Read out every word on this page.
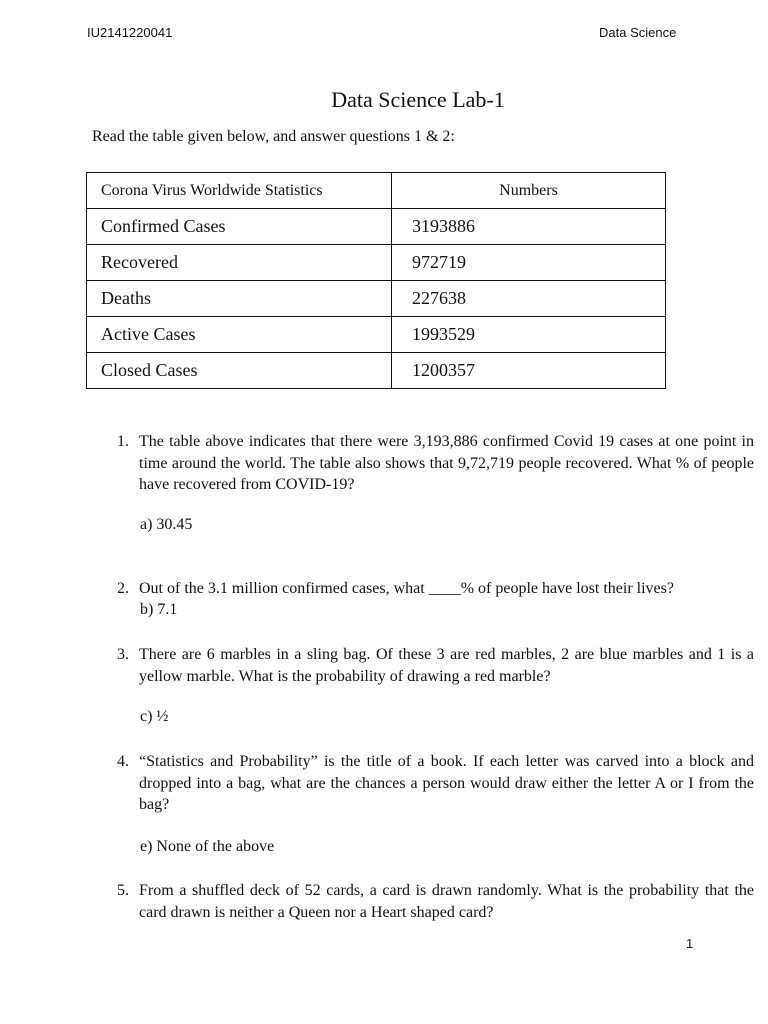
IU2141220041	Data Science
Data Science Lab-1
Read the table given below, and answer questions 1 & 2:
Corona Virus Worldwide Statistics	Numbers
Confirmed Cases	3193886
Recovered	972719
Deaths	227638
Active Cases	1993529
Closed Cases	1200357
1. The table above indicates that there were 3,193,886 confirmed Covid 19 cases at one point in time around the world. The table also shows that 9,72,719 people recovered. What % of people have recovered from COVID-19?
a) 30.45
2. Out of the 3.1 million confirmed cases, what ____% of people have lost their lives?
b) 7.1
3. There are 6 marbles in a sling bag. Of these 3 are red marbles, 2 are blue marbles and 1 is a yellow marble. What is the probability of drawing a red marble?
c) ½
4. “Statistics and Probability” is the title of a book. If each letter was carved into a block and dropped into a bag, what are the chances a person would draw either the letter A or I from the bag?
e) None of the above
5. From a shuffled deck of 52 cards, a card is drawn randomly. What is the probability that the card drawn is neither a Queen nor a Heart shaped card?
1
